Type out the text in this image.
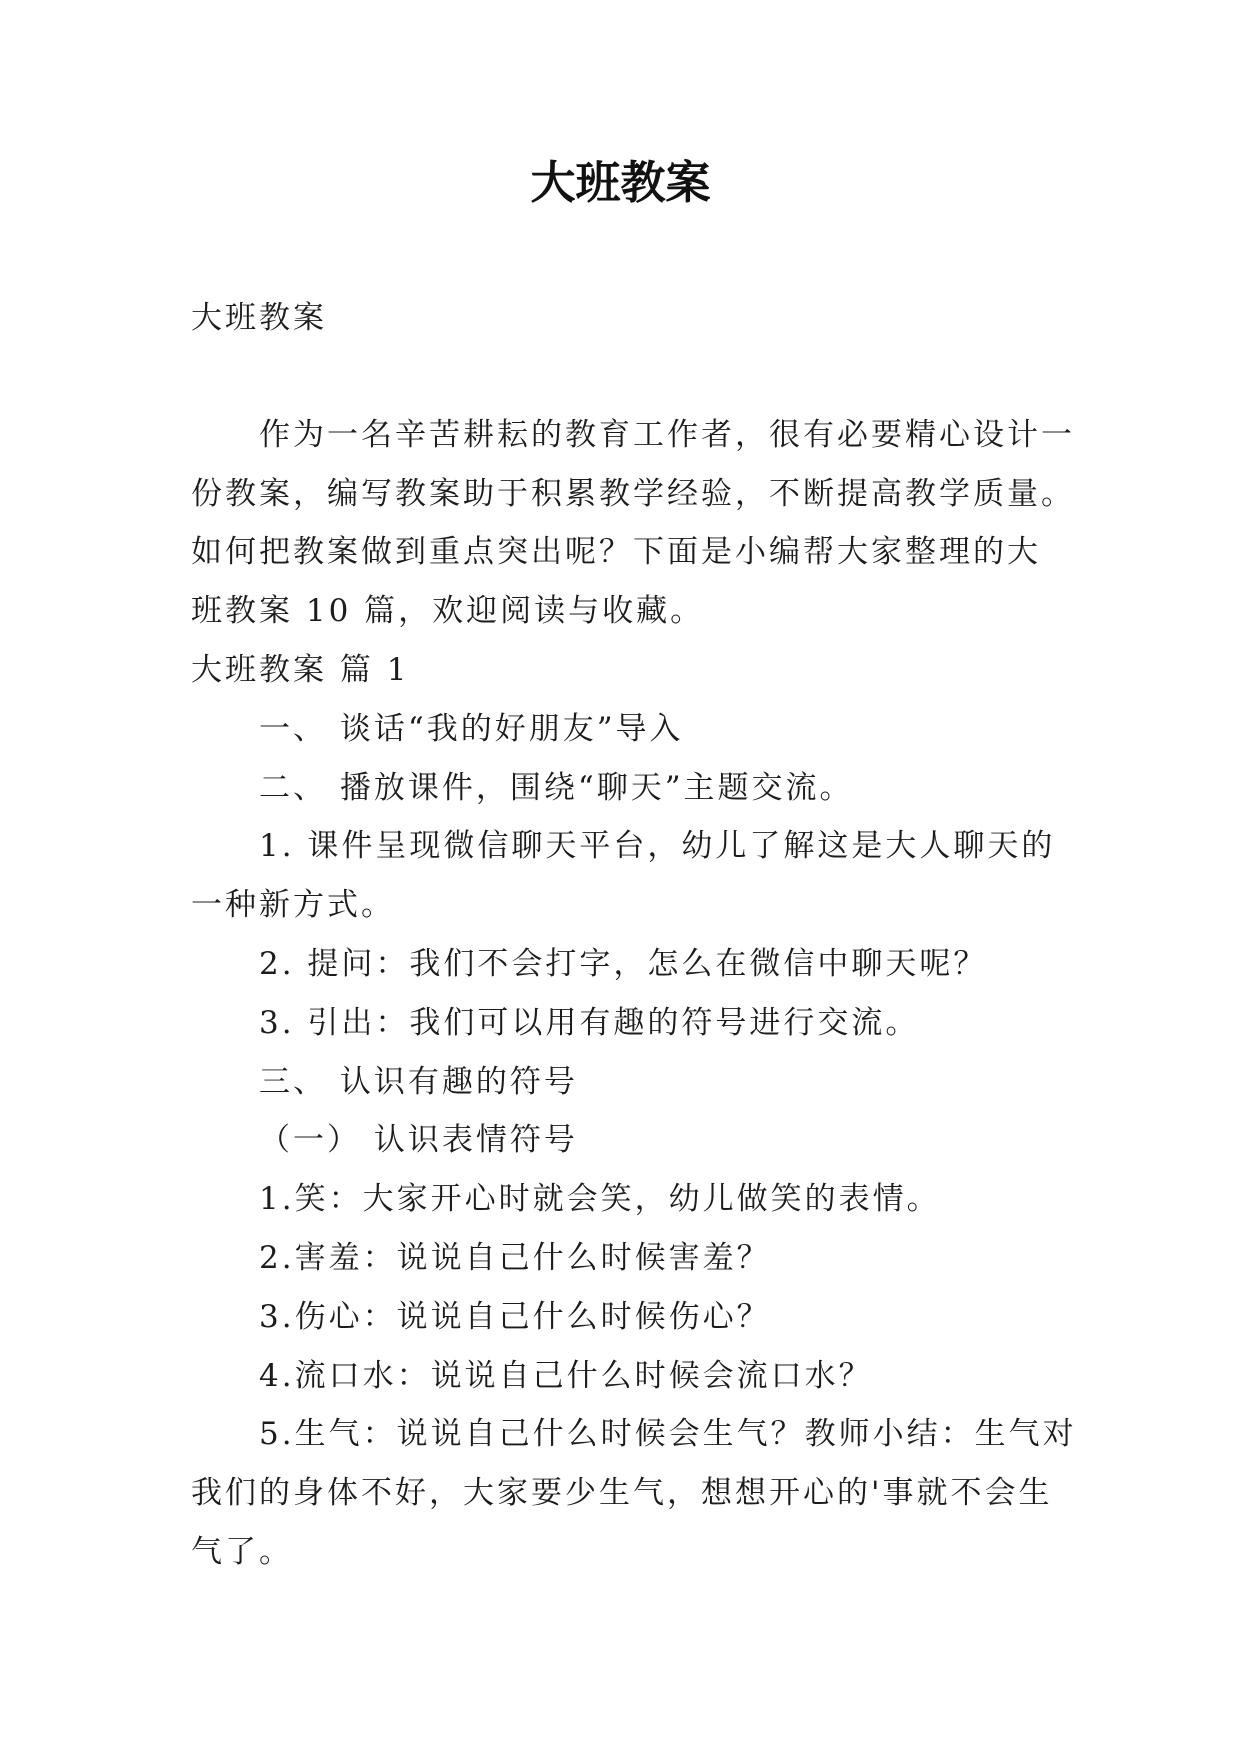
大班教案

大班教案

作为一名辛苦耕耘的教育工作者，很有必要精心设计一

份教案，编写教案助于积累教学经验，不断提高教学质量。

如何把教案做到重点突出呢？下面是小编帮大家整理的大

班教案 10 篇，欢迎阅读与收藏。

大班教案 篇 1

一、 谈话“我的好朋友”导入

二、 播放课件，围绕“聊天”主题交流。

1. 课件呈现微信聊天平台，幼儿了解这是大人聊天的

一种新方式。

2. 提问：我们不会打字，怎么在微信中聊天呢？

3. 引出：我们可以用有趣的符号进行交流。

三、 认识有趣的符号

（一） 认识表情符号

1.笑：大家开心时就会笑，幼儿做笑的表情。

2.害羞：说说自己什么时候害羞？

3.伤心：说说自己什么时候伤心？

4.流口水：说说自己什么时候会流口水？

5.生气：说说自己什么时候会生气？教师小结：生气对

我们的身体不好，大家要少生气，想想开心的'事就不会生

气了。
